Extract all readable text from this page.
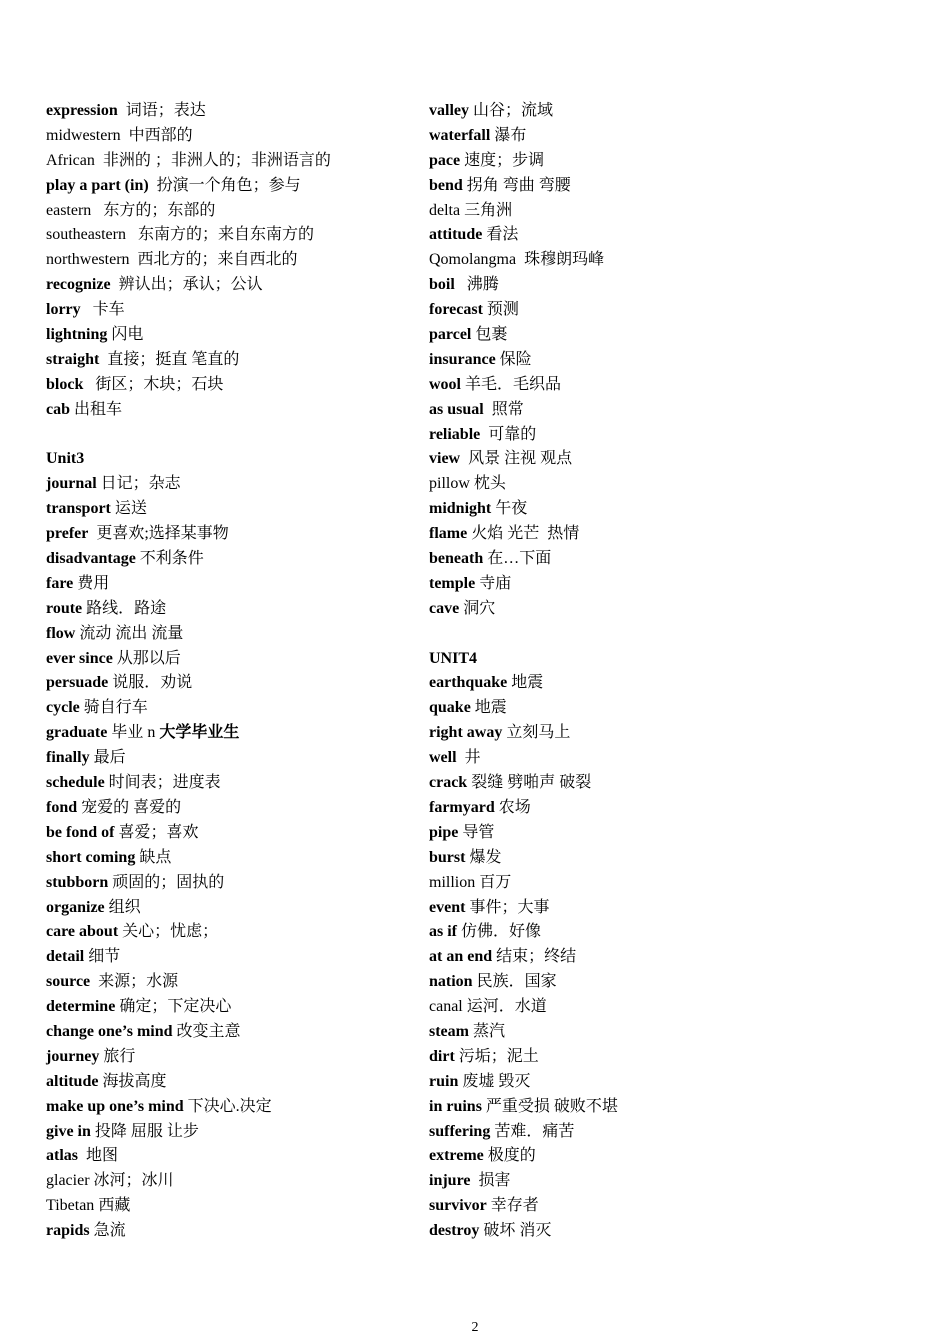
expression  词语；表达
midwestern  中西部的
African  非洲的 ；非洲人的；非洲语言的
play a part (in)  扮演一个角色；参与
eastern   东方的；东部的
southeastern   东南方的；来自东南方的
northwestern  西北方的；来自西北的
recognize  辨认出；承认；公认
lorry   卡车
lightning 闪电
straight  直接；挺直 笔直的
block   街区；木块；石块
cab 出租车
Unit3
journal 日记；杂志
transport 运送
prefer  更喜欢;选择某事物
disadvantage 不利条件
fare 费用
route 路线．路途
flow 流动 流出 流量
ever since 从那以后
persuade 说服．劝说
cycle 骑自行车
graduate 毕业 n 大学毕业生
finally 最后
schedule 时间表；进度表
fond 宠爱的 喜爱的
be fond of 喜爱；喜欢
short coming 缺点
stubborn 顽固的；固执的
organize 组织
care about 关心；忧虑；
detail 细节
source  来源；水源
determine 确定；下定决心
change one’s mind 改变主意
journey 旅行
altitude 海拔高度
make up one’s mind 下决心.决定
give in 投降 屈服 让步
atlas  地图
glacier 冰河；冰川
Tibetan 西藏
rapids 急流
valley 山谷；流域
waterfall 瀑布
pace 速度；步调
bend 拐角 弯曲 弯腰
delta 三角洲
attitude 看法
Qomolangma  珠穆朗玛峰
boil   沸腾
forecast 预测
parcel 包裹
insurance 保险
wool 羊毛．毛织品
as usual  照常
reliable  可靠的
view  风景 注视 观点
pillow 枕头
midnight 午夜
flame 火焰 光芒  热情
beneath 在…下面
temple 寺庙
cave 洞穴
UNIT4
earthquake 地震
quake 地震
right away 立刻马上
well  井
crack 裂缝 劈啪声 破裂
farmyard 农场
pipe 导管
burst 爆发
million 百万
event 事件；大事
as if 仿佛．好像
at an end 结束；终结
nation 民族．国家
canal 运河．水道
steam 蒸汽
dirt 污垢；泥土
ruin 废墟 毁灭
in ruins 严重受损 破败不堪
suffering 苦难．痛苦
extreme 极度的
injure  损害
survivor 幸存者
destroy 破坏 消灭
2
